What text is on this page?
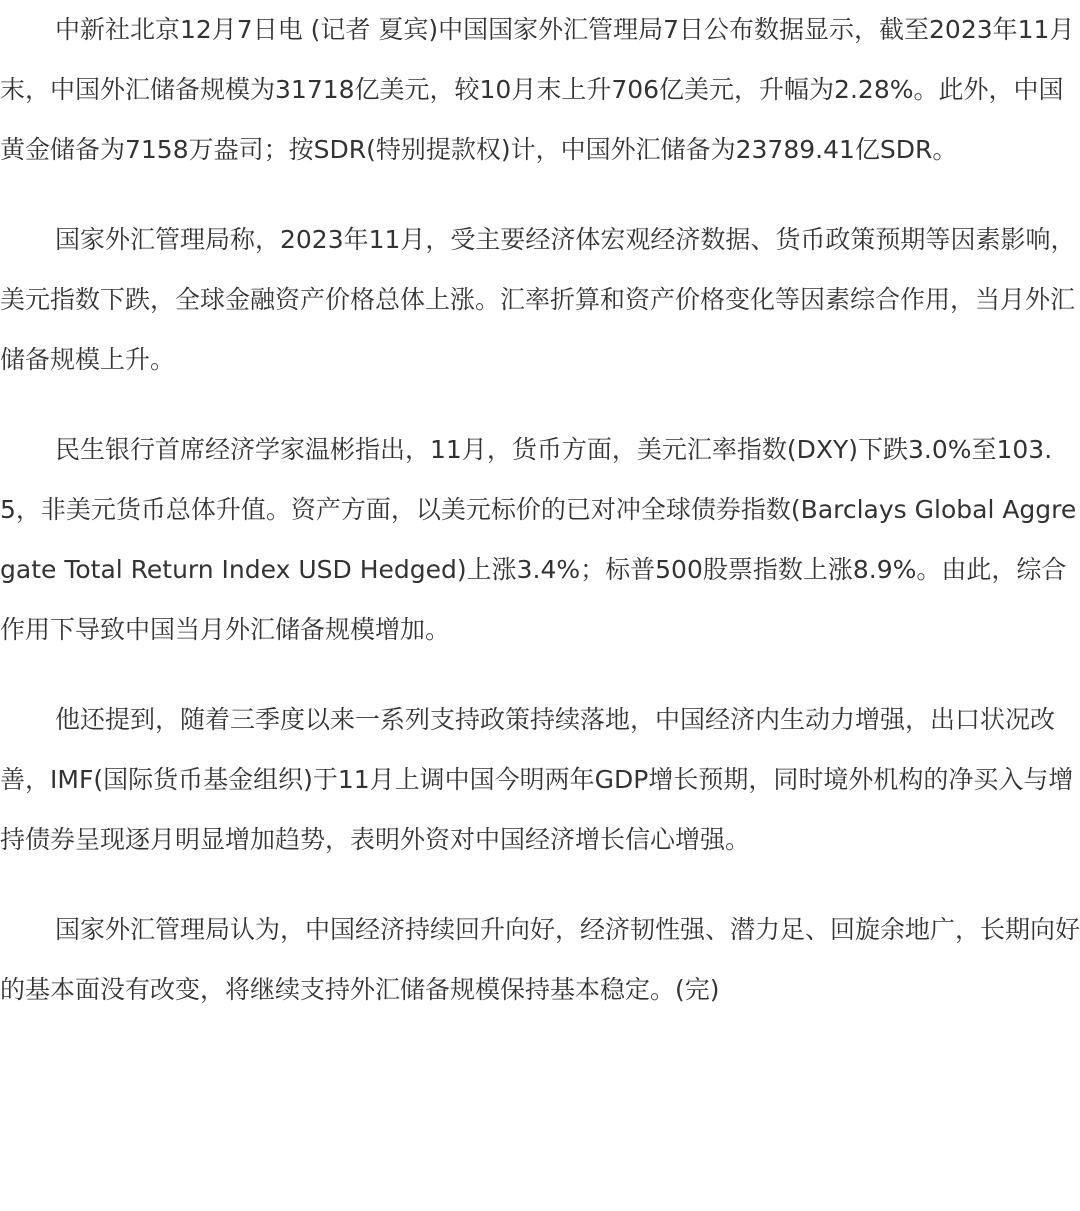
中新社北京12月7日电 (记者 夏宾)中国国家外汇管理局7日公布数据显示，截至2023年11月末，中国外汇储备规模为31718亿美元，较10月末上升706亿美元，升幅为2.28%。此外，中国黄金储备为7158万盎司；按SDR(特别提款权)计，中国外汇储备为23789.41亿SDR。

国家外汇管理局称，2023年11月，受主要经济体宏观经济数据、货币政策预期等因素影响，美元指数下跌，全球金融资产价格总体上涨。汇率折算和资产价格变化等因素综合作用，当月外汇储备规模上升。

民生银行首席经济学家温彬指出，11月，货币方面，美元汇率指数(DXY)下跌3.0%至103.5，非美元货币总体升值。资产方面，以美元标价的已对冲全球债券指数(Barclays Global Aggregate Total Return Index USD Hedged)上涨3.4%；标普500股票指数上涨8.9%。由此，综合作用下导致中国当月外汇储备规模增加。

他还提到，随着三季度以来一系列支持政策持续落地，中国经济内生动力增强，出口状况改善，IMF(国际货币基金组织)于11月上调中国今明两年GDP增长预期，同时境外机构的净买入与增持债券呈现逐月明显增加趋势，表明外资对中国经济增长信心增强。

国家外汇管理局认为，中国经济持续回升向好，经济韧性强、潜力足、回旋余地广，长期向好的基本面没有改变，将继续支持外汇储备规模保持基本稳定。(完)
